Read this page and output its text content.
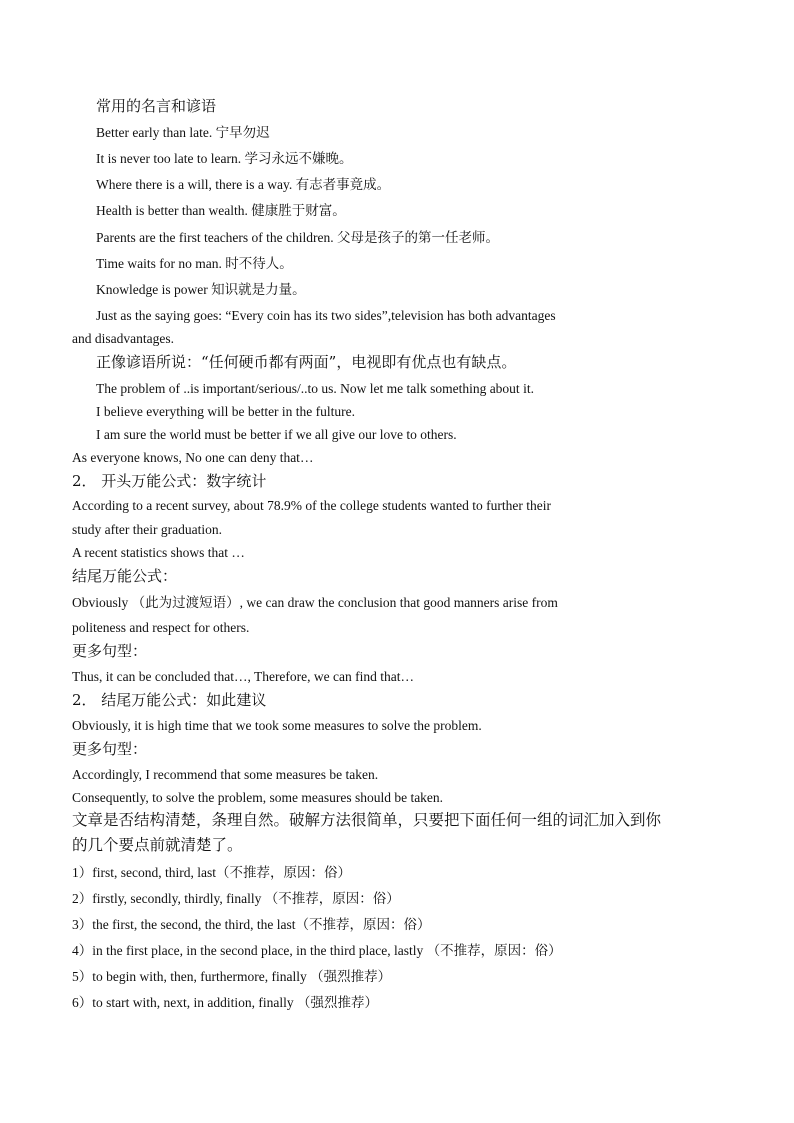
常用的名言和谚语

Better early than late. 宁早勿迟

It is never too late to learn. 学习永远不嫌晚。

Where there is a will, there is a way. 有志者事竟成。

Health is better than wealth. 健康胜于财富。

Parents are the first teachers of the children. 父母是孩子的第一任老师。

Time waits for no man. 时不待人。

Knowledge is power 知识就是力量。

Just as the saying goes: “Every coin has its two sides”,television has both advantages

and disadvantages.

正像谚语所说：“任何硬币都有两面”，电视即有优点也有缺点。

The problem of ..is important/serious/..to us. Now let me talk something about it.

I believe everything will be better in the fulture.

I am sure the world must be better if we all give our love to others.

As everyone knows, No one can deny that…

2． 开头万能公式：数字统计

According to a recent survey, about 78.9% of the college students wanted to further their

study after their graduation.

A recent statistics shows that …

结尾万能公式：

Obviously （此为过渡短语）, we can draw the conclusion that good manners arise from

politeness and respect for others.

更多句型：

Thus, it can be concluded that…, Therefore, we can find that…

2． 结尾万能公式：如此建议

Obviously, it is high time that we took some measures to solve the problem.

更多句型：

Accordingly, I recommend that some measures be taken.

Consequently, to solve the problem, some measures should be taken.

文章是否结构清楚，条理自然。破解方法很简单，只要把下面任何一组的词汇加入到你

的几个要点前就清楚了。

1）first, second, third, last（不推荐，原因：俗）

2）firstly, secondly, thirdly, finally （不推荐，原因：俗）

3）the first, the second, the third, the last（不推荐，原因：俗）

4）in the first place, in the second place, in the third place, lastly （不推荐，原因：俗）

5）to begin with, then, furthermore, finally （强烈推荐）

6）to start with, next, in addition, finally （强烈推荐）
